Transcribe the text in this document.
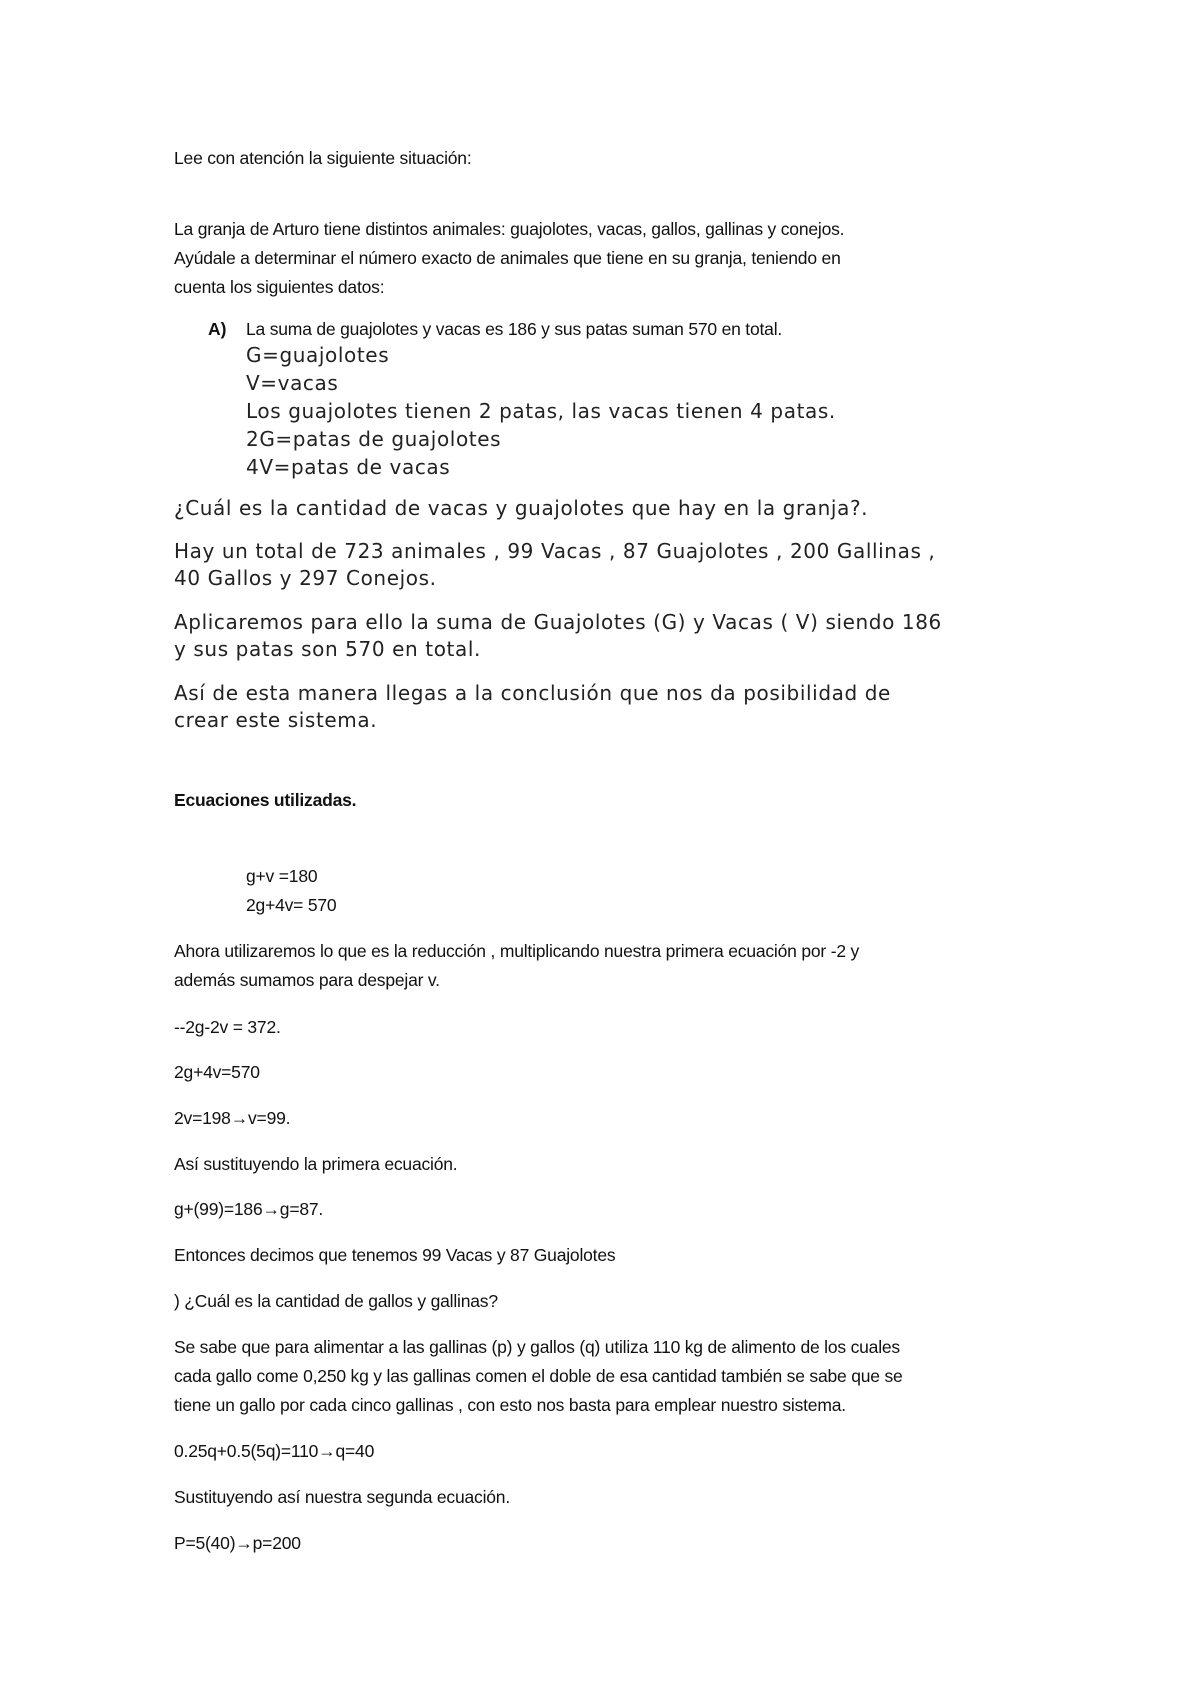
Lee con atención la siguiente situación:

La granja de Arturo tiene distintos animales: guajolotes, vacas, gallos, gallinas y conejos.

Ayúdale a determinar el número exacto de animales que tiene en su granja, teniendo en

cuenta los siguientes datos:

A) La suma de guajolotes y vacas es 186 y sus patas suman 570 en total.

G=guajolotes

V=vacas

Los guajolotes tienen 2 patas, las vacas tienen 4 patas.

2G=patas de guajolotes

4V=patas de vacas

¿Cuál es la cantidad de vacas y guajolotes que hay en la granja?.

Hay un total de 723 animales , 99 Vacas , 87 Guajolotes , 200 Gallinas ,

40 Gallos y 297 Conejos.

Aplicaremos para ello la suma de Guajolotes (G) y Vacas ( V) siendo 186

y sus patas son 570 en total.

Así de esta manera llegas a la conclusión que nos da posibilidad de

crear este sistema.

Ecuaciones utilizadas.

g+v =180

2g+4v= 570

Ahora utilizaremos lo que es la reducción , multiplicando nuestra primera ecuación por -2 y

además sumamos para despejar v.

--2g-2v = 372.

2g+4v=570

2v=198→v=99.

Así sustituyendo la primera ecuación.

g+(99)=186→g=87.

Entonces decimos que tenemos 99 Vacas y 87 Guajolotes

) ¿Cuál es la cantidad de gallos y gallinas?

Se sabe que para alimentar a las gallinas (p) y gallos (q) utiliza 110 kg de alimento de los cuales

cada gallo come 0,250 kg y las gallinas comen el doble de esa cantidad también se sabe que se

tiene un gallo por cada cinco gallinas , con esto nos basta para emplear nuestro sistema.

0.25q+0.5(5q)=110→q=40

Sustituyendo así nuestra segunda ecuación.

P=5(40)→p=200
